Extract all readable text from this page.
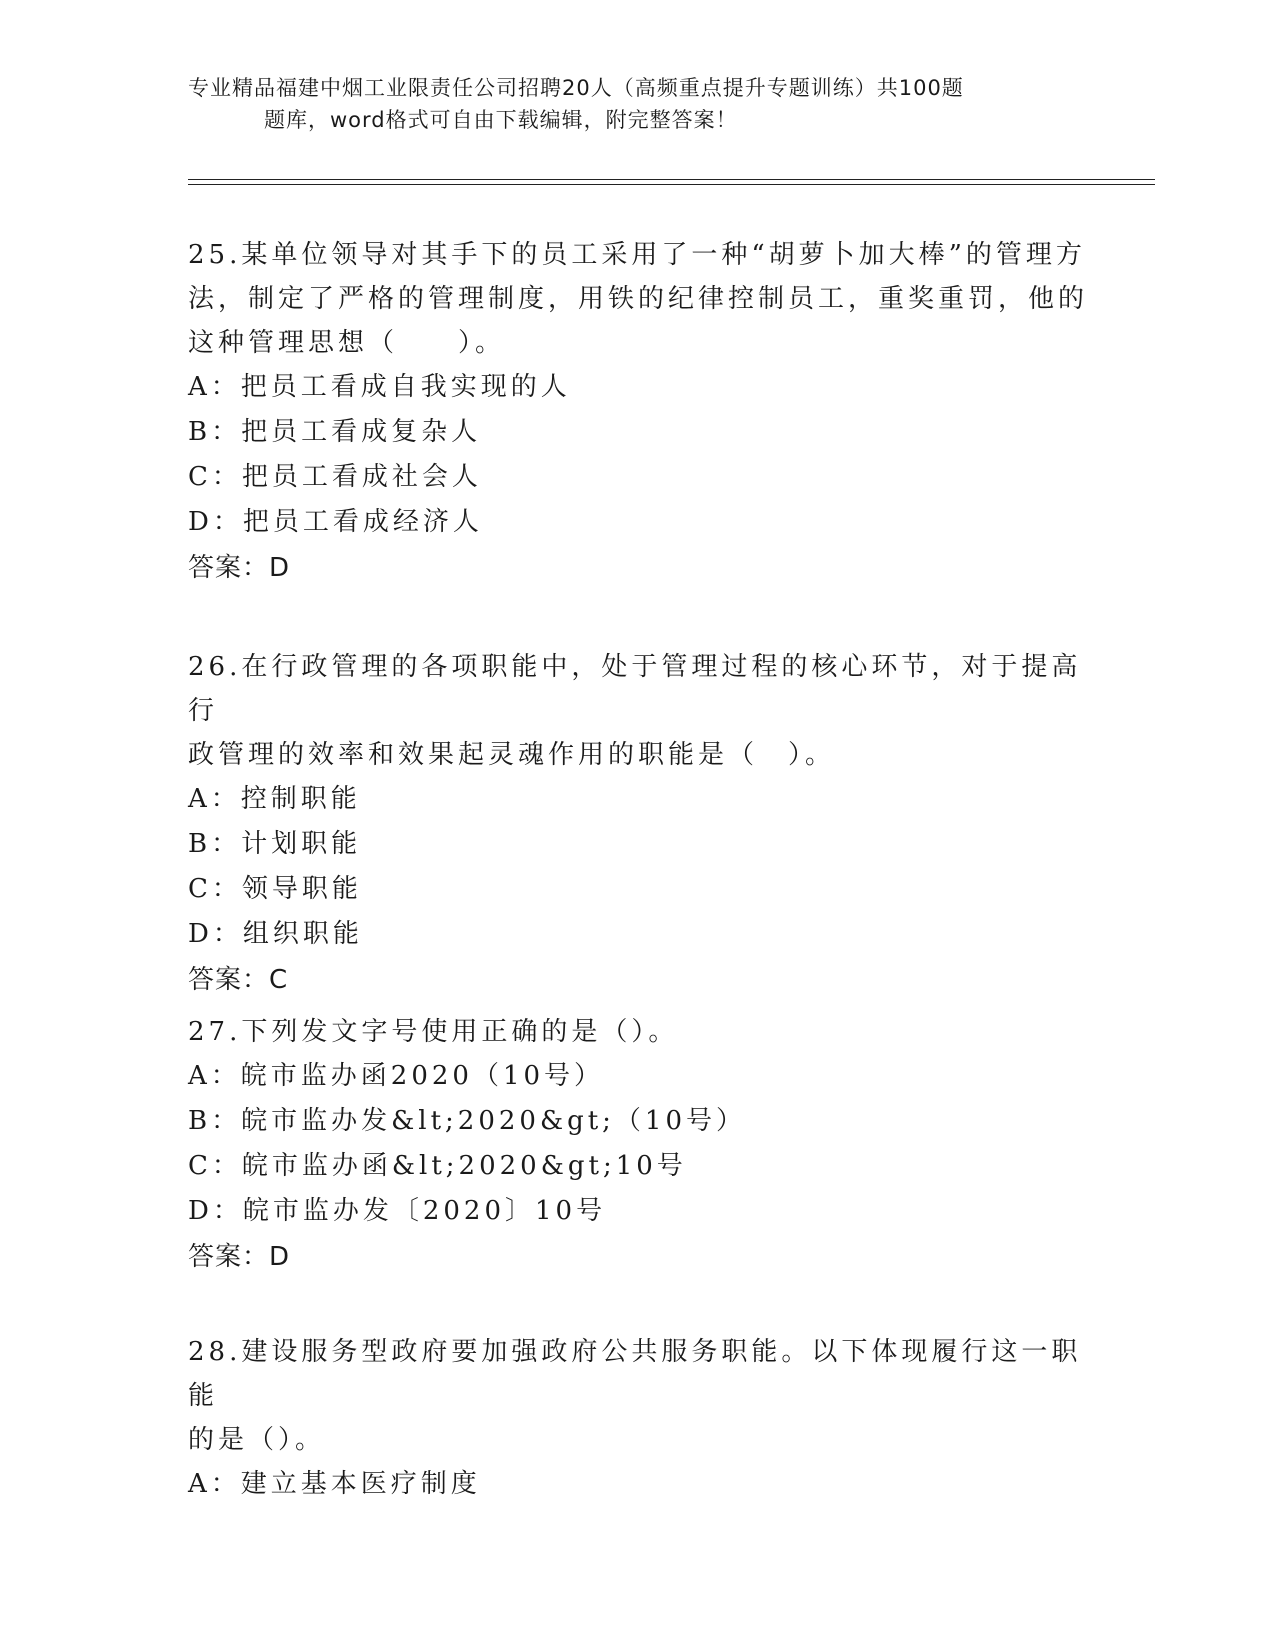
专业精品福建中烟工业限责任公司招聘20人（高频重点提升专题训练）共100题
题库，word格式可自由下载编辑，附完整答案！

25.某单位领导对其手下的员工采用了一种“胡萝卜加大棒”的管理方

法，制定了严格的管理制度，用铁的纪律控制员工，重奖重罚，他的

这种管理思想（　　）。

A：把员工看成自我实现的人

B：把员工看成复杂人

C：把员工看成社会人

D：把员工看成经济人

答案：D

26.在行政管理的各项职能中，处于管理过程的核心环节，对于提高行

政管理的效率和效果起灵魂作用的职能是（　）。

A：控制职能

B：计划职能

C：领导职能

D：组织职能

答案：C

27.下列发文字号使用正确的是（）。

A：皖市监办函2020（10号）

B：皖市监办发&lt;2020&gt;（10号）

C：皖市监办函&lt;2020&gt;10号

D：皖市监办发〔2020〕10号

答案：D

28.建设服务型政府要加强政府公共服务职能。以下体现履行这一职能

的是（）。

A：建立基本医疗制度
